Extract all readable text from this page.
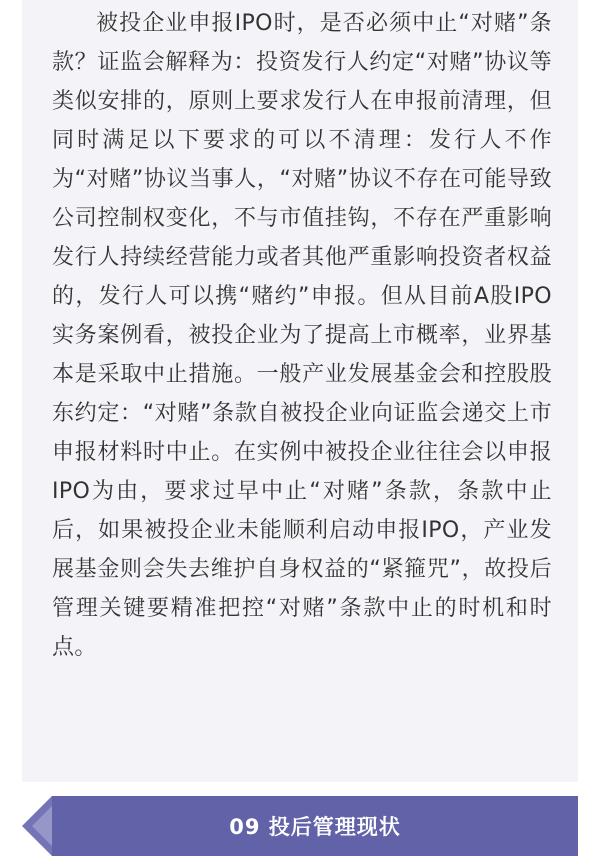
被投企业申报IPO时，是否必须中止“对赌”条款？证监会解释为：投资发行人约定“对赌”协议等类似安排的，原则上要求发行人在申报前清理，但同时满足以下要求的可以不清理：发行人不作为“对赌”协议当事人，“对赌”协议不存在可能导致公司控制权变化，不与市值挂钩，不存在严重影响发行人持续经营能力或者其他严重影响投资者权益的，发行人可以携“赌约”申报。但从目前A股IPO实务案例看，被投企业为了提高上市概率，业界基本是采取中止措施。一般产业发展基金会和控股股东约定：“对赌”条款自被投企业向证监会递交上市申报材料时中止。在实例中被投企业往往会以申报IPO为由，要求过早中止“对赌”条款，条款中止后，如果被投企业未能顺利启动申报IPO，产业发展基金则会失去维护自身权益的“紧箍咒”，故投后管理关键要精准把控“对赌”条款中止的时机和时点。

09 投后管理现状
